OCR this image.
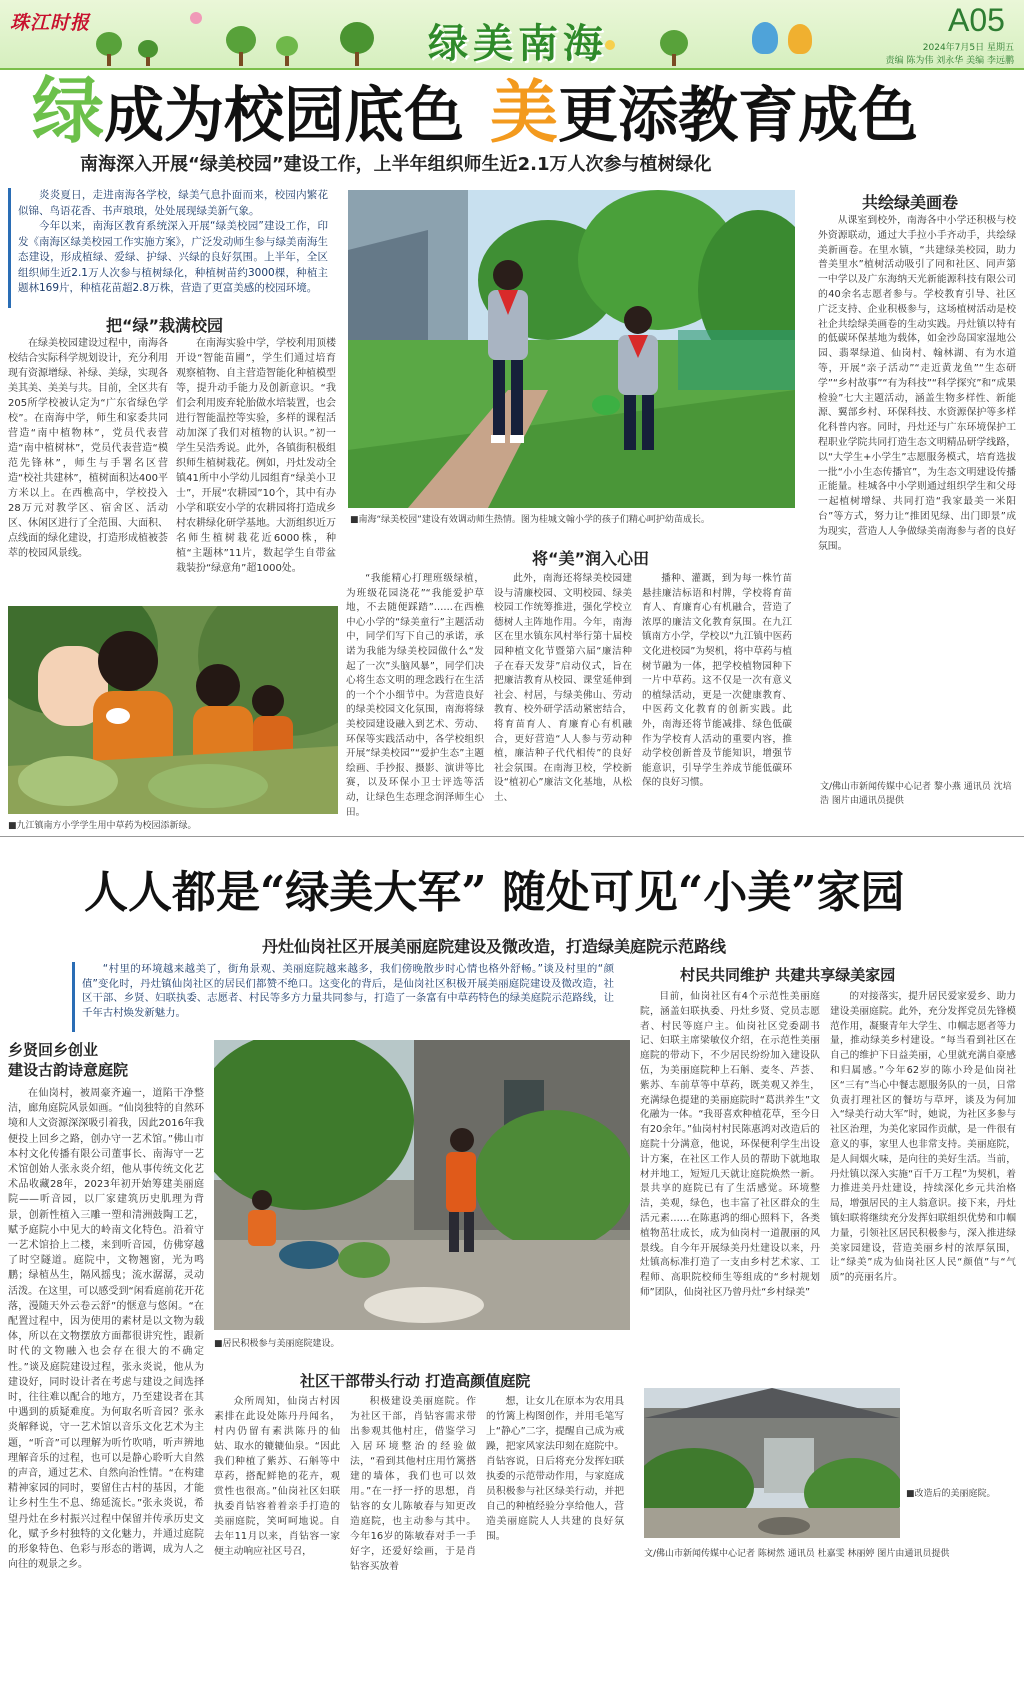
珠江时报	绿美南海	A05
2024年7月5日 星期五
责编 陈为伟 刘永华 美编 李远鹏
绿成为校园底色 美更添教育成色
南海深入开展“绿美校园”建设工作，上半年组织师生近2.1万人次参与植树绿化

炎炎夏日，走进南海各学校，绿美气息扑面而来，校园内繁花似锦、鸟语花香、书声琅琅，处处展现绿美新气象。

今年以来，南海区教育系统深入开展“绿美校园”建设工作，印发《南海区绿美校园工作实施方案》，广泛发动师生参与绿美南海生态建设，形成植绿、爱绿、护绿、兴绿的良好氛围。上半年，全区组织师生近2.1万人次参与植树绿化，种植树苗约3000棵，种植主题林169片，种植花苗超2.8万株，营造了更富美感的校园环境。

把“绿”栽满校园

在绿美校园建设过程中，南海各校结合实际科学规划设计，充分利用现有资源增绿、补绿、美绿，实现各美其美、美美与共。目前，全区共有205所学校被认定为“广东省绿色学校”。在南海中学，师生和家委共同营造“南中植物林”，党员代表营造“南中植树林”，党员代表营造“模范先锋林”，师生与手署名区营造“校社共建林”，植树面积达400平方米以上。在西樵高中，学校投入28万元对教学区、宿舍区、活动区、休闲区进行了全范围、大面积、点线面的绿化建设，打造形成植被荟萃的校园风景线。

在南海实验中学，学校利用顶楼开设“智能苗圃”，学生们通过培育观察植物、自主营造智能化种植模型等，提升动手能力及创新意识。“我们会利用废弃轮胎做水培装置，也会进行智能温控等实验，多样的课程活动加深了我们对植物的认识。”初一学生吴浩秀说。此外，各镇街积极组织师生植树栽花。例如，丹灶发动全镇41所中小学幼儿园组育“绿美小卫士”，开展“农耕园”10个，其中有办小学和联安小学的农耕园将打造成乡村农耕绿化研学基地。大沥组织近万名师生植树栽花近6000株，种植“主题林”11片，数起学生自带盆栽装扮“绿意角”超1000处。

■南海“绿美校园”建设有效调动师生热情。图为桂城文翰小学的孩子们精心呵护幼苗成长。
■九江镇南方小学学生用中草药为校园添新绿。
将“美”润入心田

“我能精心打理班级绿植，为班级花园浇花”“我能爱护草地，不去随便踩踏”……在西樵中心小学的“绿美童行”主题活动中，同学们写下自己的承诺，承诺为我能为绿美校园做什么“发起了一次”头脑风暴”，同学们决心将生态文明的理念践行在生活的一个个小细节中。为营造良好的绿美校园文化氛围，南海将绿美校园建设融入到艺术、劳动、环保等实践活动中，各学校组织开展“绿美校园”“爱护生态”主题绘画、手抄报、摄影、演讲等比赛，以及环保小卫士评选等活动，让绿色生态理念润泽师生心田。

此外，南海还将绿美校园建设与清廉校园、文明校园、绿美校园工作统筹推进，强化学校立德树人主阵地作用。今年，南海区在里水镇东风村举行第十届校园种植文化节暨第六届“廉洁种子在春天发芽”启动仪式，旨在把廉洁教育从校园、课堂延伸到社会、村居，与绿美佛山、劳动教育、校外研学活动紧密结合，将育苗育人、育廉育心有机融合，更好营造“人人参与劳动种植，廉洁种子代代相传”的良好社会氛围。在南海卫校，学校新设“植初心”廉洁文化基地，从松土、

播种、灌溉，到为每一株竹苗悬挂廉洁标语和村牌，学校将育苗育人、育廉育心有机融合，营造了浓厚的廉洁文化教育氛围。在九江镇南方小学，学校以“九江镇中医药文化进校园”为契机，将中草药与植树节融为一体，把学校植物园种下一片中草药。这不仅是一次有意义的植绿活动，更是一次健康教育、中医药文化教育的创新实践。此外，南海还将节能减排、绿色低碳作为学校育人活动的重要内容，推动学校创新普及节能知识，增强节能意识，引导学生养成节能低碳环保的良好习惯。

共绘绿美画卷

从课室到校外，南海各中小学还积极与校外资源联动，通过大手拉小手齐动手，共绘绿美新画卷。在里水镇，“共建绿美校园，助力普美里水”植树活动吸引了同和社区、同声第一中学以及广东海纳天光新能源科技有限公司的40余名志愿者参与。学校教育引导、社区广泛支持、企业积极参与，这场植树活动是校社企共绘绿美画卷的生动实践。丹灶镇以特有的低碳环保基地为载体，如金沙岛国家湿地公园、翡翠绿道、仙岗村、翰林湖、有为水道等，开展“亲子活动”“走近黄龙鱼”“生态研学”“乡村故事”“有为科技”“科学探究”和“成果检验”七大主题活动，涵盖生物多样性、新能源、翼部乡村、环保科技、水资源保护等多样化科普内容。同时，丹灶还与广东环境保护工程职业学院共同打造生态文明精品研学线路，以“大学生+小学生”志愿服务模式，培育选拔一批“小小生态传播官”，为生态文明建设传播正能量。桂城各中小学则通过组织学生和父母一起植树增绿、共同打造“我家最美一米阳台”等方式，努力让“推团见绿、出门即景”成为现实，营造人人争做绿美南海参与者的良好氛围。

文/佛山市新闻传媒中心记者 黎小燕 通讯员 沈培浩 图片由通讯员提供
人人都是“绿美大军” 随处可见“小美”家园
丹灶仙岗社区开展美丽庭院建设及微改造，打造绿美庭院示范路线

“村里的环境越来越美了，街角景观、美丽庭院越来越多，我们傍晚散步时心情也格外舒畅。”谈及村里的“颜值”变化时，丹灶镇仙岗社区的居民们都赞不绝口。这变化的背后，是仙岗社区积极开展美丽庭院建设及微改造，社区干部、乡贤、妇联执委、志愿者、村民等多方力量共同参与，打造了一条富有中草药特色的绿美庭院示范路线，让千年古村焕发新魅力。

乡贤回乡创业
建设古韵诗意庭院

在仙岗村，被周豪齐遍一，道陷干净整洁，廊角庭院风景如画。“仙岗独特的自然环境和人文资源深深吸引着我，因此2016年我便投上回乡之路，创办守一艺术馆。”佛山市本村文化传播有限公司董事长、南海守一艺术馆创始人张永炎介绍，他从事传统文化艺术品收藏28年，2023年初开始筹建美丽庭院——听音园，以厂家建筑历史肌理为背景，创新性植入三雕一塑和清洲鼓陶工艺，赋予庭院小中见大的岭南文化特色。沿着守一艺术馆拾上二楼，来到听音园，仿佛穿越了时空隧道。庭院中，文物翘窗，光为鸣鹏；绿植丛生，隔风摇曳；流水潺潺，灵动活泼。在这里，可以感受到“闲看庭前花开花落，漫随天外云卷云舒”的惬意与悠闲。“在配置过程中，因为使用的素材是以文物为载体，所以在文物摆放方面都很讲究性，跟新时代的文物融入也会存在很大的不确定性。”谈及庭院建设过程，张永炎说，他从为建设好，同时设计者在考虑与建设之间选择时，往往难以配合的地方，乃至建设者在其中遇到的质疑难度。为何取名听音园？张永炎解释说，守一艺术馆以音乐文化艺术为主题，“听音”可以理解为听竹吹哨，听声辨地理解音乐的过程，也可以是静心聆听大自然的声音，通过艺术、自然向治性情。“在构建精神家园的同时，要留住古村的基因，才能让乡村生生不息、绵延流长。”张永炎说，希望丹灶在乡村振兴过程中保留并传承历史文化，赋予乡村独特的文化魅力，并通过庭院的形象特色、色彩与形态的谐调，成为人之向往的观景之乡。

■居民积极参与美丽庭院建设。
社区干部带头行动 打造高颜值庭院

众所周知，仙岗古村因素排在此设处陈丹丹闻名，村内仍留有素洪陈丹的仙姑、取水的辘辘仙泉。“因此我们种植了紫苏、石斛等中草药，搭配鲜艳的花卉，观赏性也很高。”仙岗社区妇联执委肖钻容着着亲手打造的美丽庭院，笑呵呵地说。自去年11月以来，肖钻容一家便主动响应社区号召，

积极建设美丽庭院。作为社区干部，肖钻容需求带出参观其他村庄，借鉴学习入居环境整治的经验做法，“看到其他村庄用竹篱搭建的墙体，我们也可以效用。”在一抒一抒的思想，肖钻容的女儿陈敏春与知更改造庭院，也主动参与其中。今年16岁的陈敏春对手一手好字，还爱好绘画，于是肖钻容买放着

想，让女儿在原本为农用具的竹篱上构图创作，并用毛笔写上“静心”二字，提醒自己成为戒躁，把家风家法印刻在庭院中。肖钻容说，日后将充分发挥妇联执委的示范带动作用，与家庭成员积极参与社区绿美行动，并把自己的种植经验分享给他人，营造美丽庭院人人共建的良好氛围。

村民共同维护 共建共享绿美家园

目前，仙岗社区有4个示范性美丽庭院，涵盖妇联执委、丹灶乡贤、党员志愿者、村民等庭户主。仙岗社区党委副书记、妇联主席梁敏仪介绍，在示范性美丽庭院的带动下，不少居民纷纷加入建设队伍，为美丽庭院种上石斛、麦冬、芦荟、紫苏、车前草等中草药，既美观又养生，充满绿色提建的美丽庭院时“葛洪养生”文化融为一体。“我哥喜欢种植花草，至今日有20余年。”仙岗村村民陈惠鸿对改造后的庭院十分满意，他说，环保便利学生出设计方案，在社区工作人员的帮助下就地取材并地工，短短几天就让庭院焕然一新。景共享的庭院已有了生活感觉。环境整洁，美观，绿色，也丰富了社区群众的生活元素……在陈惠鸿的细心照料下，各类植物茁壮成长，成为仙岗村一道靓丽的风景线。自今年开展绿美丹灶建设以来，丹灶镇高标准打造了一支由乡村艺术家、工程师、高职院校师生等组成的“乡村规划师”团队，仙岗社区乃曾丹灶“乡村绿美”

的对接落实，提升居民爱家爱乡、助力建设美丽庭院。此外，充分发挥党员先锋模范作用，凝聚青年大学生、巾帼志愿者等力量，推动绿美乡村建设。“每当看到社区在自己的维护下日益美丽，心里就充满自豪感和归属感。”今年62岁的陈小玲是仙岗社区“三有”当心中餐志愿服务队的一员，日常负责打理社区的餐坊与草坪，谈及为何加入“绿美行动大军”时，她说，为社区多参与社区治理，为美化家园作贡献，是一件很有意义的事，家里人也非常支持。美丽庭院，是人间烟火味，是向往的美好生活。当前，丹灶镇以深入实施“百千万工程”为契机，着力推进美丹灶建设，持续深化乡元共治格局，增强居民的主人翁意识。接下来，丹灶镇妇联将继续充分发挥妇联组织优势和巾帼力量，引领社区居民积极参与，深入推进绿美家园建设，营造美丽乡村的浓厚氛围，让“绿美”成为仙岗社区人民“颜值”与“气质”的亮丽名片。

■改造后的美丽庭院。
文/佛山市新闻传媒中心记者 陈树然 通讯员 杜嘉雯 林丽婷 图片由通讯员提供
